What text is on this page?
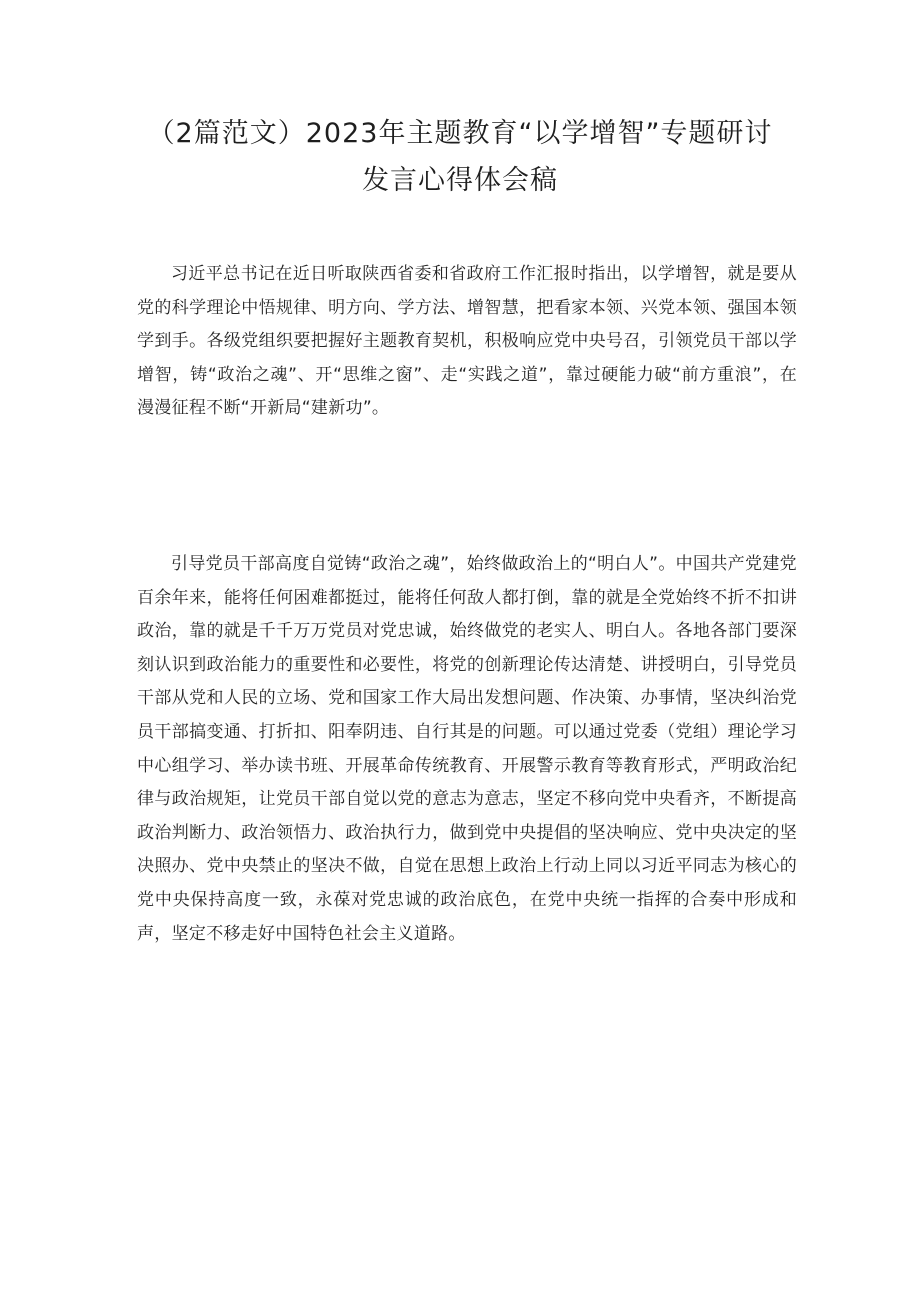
（2篇范文）2023年主题教育“以学增智”专题研讨
发言心得体会稿

习近平总书记在近日听取陕西省委和省政府工作汇报时指出，以学增智，就是要从党的科学理论中悟规律、明方向、学方法、增智慧，把看家本领、兴党本领、强国本领学到手。各级党组织要把握好主题教育契机，积极响应党中央号召，引领党员干部以学增智，铸“政治之魂”、开“思维之窗”、走“实践之道”，靠过硬能力破“前方重浪”，在漫漫征程不断“开新局“建新功”。

引导党员干部高度自觉铸“政治之魂”，始终做政治上的“明白人”。中国共产党建党百余年来，能将任何困难都挺过，能将任何敌人都打倒，靠的就是全党始终不折不扣讲政治，靠的就是千千万万党员对党忠诚，始终做党的老实人、明白人。各地各部门要深刻认识到政治能力的重要性和必要性，将党的创新理论传达清楚、讲授明白，引导党员干部从党和人民的立场、党和国家工作大局出发想问题、作决策、办事情，坚决纠治党员干部搞变通、打折扣、阳奉阴违、自行其是的问题。可以通过党委（党组）理论学习中心组学习、举办读书班、开展革命传统教育、开展警示教育等教育形式，严明政治纪律与政治规矩，让党员干部自觉以党的意志为意志，坚定不移向党中央看齐，不断提高政治判断力、政治领悟力、政治执行力，做到党中央提倡的坚决响应、党中央决定的坚决照办、党中央禁止的坚决不做，自觉在思想上政治上行动上同以习近平同志为核心的党中央保持高度一致，永葆对党忠诚的政治底色，在党中央统一指挥的合奏中形成和声，坚定不移走好中国特色社会主义道路。
